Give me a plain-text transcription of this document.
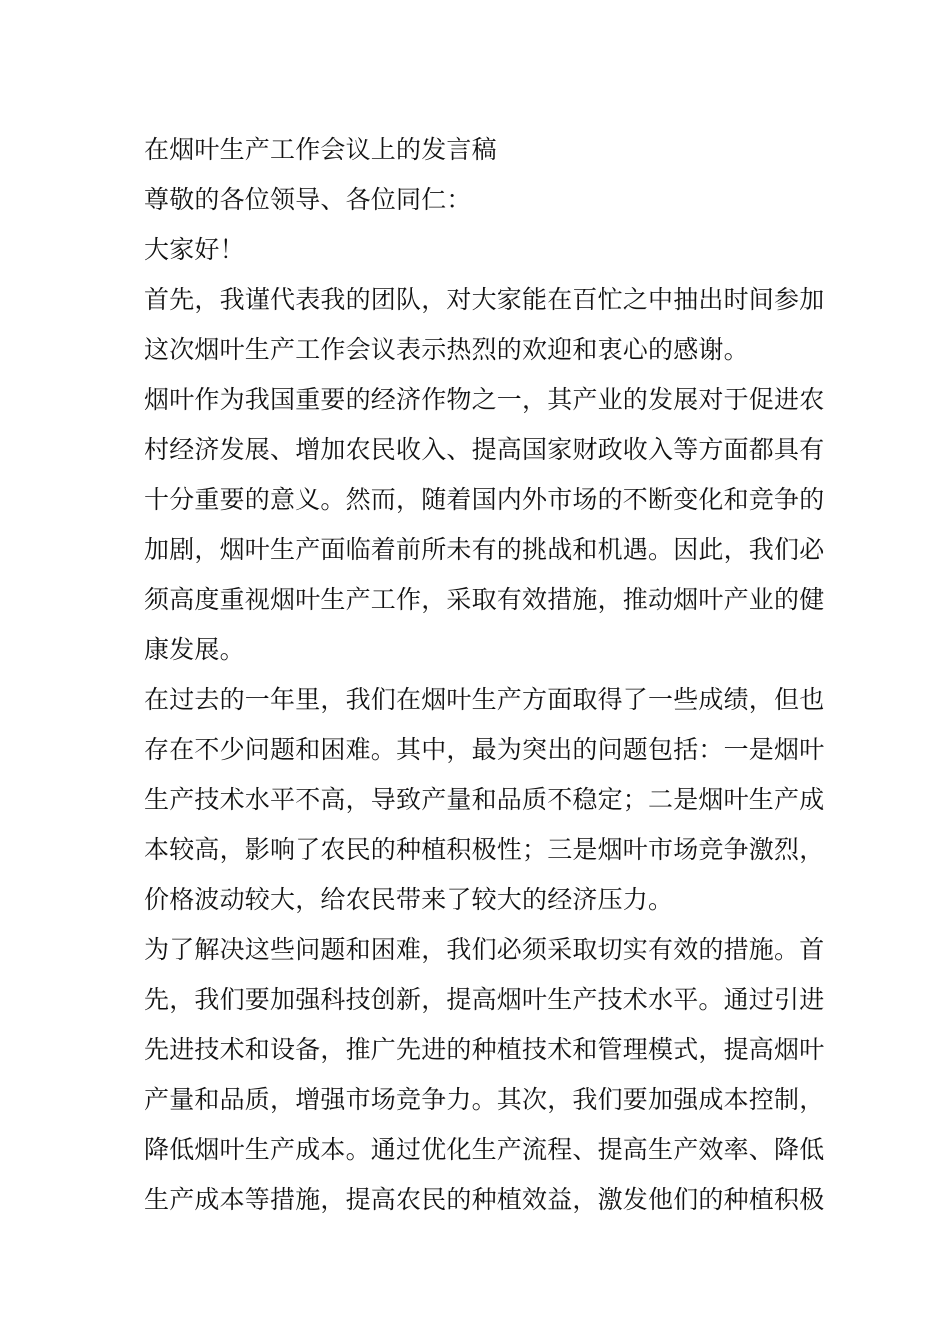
在烟叶生产工作会议上的发言稿

尊敬的各位领导、各位同仁：

大家好！

首先，我谨代表我的团队，对大家能在百忙之中抽出时间参加

这次烟叶生产工作会议表示热烈的欢迎和衷心的感谢。

烟叶作为我国重要的经济作物之一，其产业的发展对于促进农

村经济发展、增加农民收入、提高国家财政收入等方面都具有

十分重要的意义。然而，随着国内外市场的不断变化和竞争的

加剧，烟叶生产面临着前所未有的挑战和机遇。因此，我们必

须高度重视烟叶生产工作，采取有效措施，推动烟叶产业的健

康发展。

在过去的一年里，我们在烟叶生产方面取得了一些成绩，但也

存在不少问题和困难。其中，最为突出的问题包括：一是烟叶

生产技术水平不高，导致产量和品质不稳定；二是烟叶生产成

本较高，影响了农民的种植积极性；三是烟叶市场竞争激烈，

价格波动较大，给农民带来了较大的经济压力。

为了解决这些问题和困难，我们必须采取切实有效的措施。首

先，我们要加强科技创新，提高烟叶生产技术水平。通过引进

先进技术和设备，推广先进的种植技术和管理模式，提高烟叶

产量和品质，增强市场竞争力。其次，我们要加强成本控制，

降低烟叶生产成本。通过优化生产流程、提高生产效率、降低

生产成本等措施，提高农民的种植效益，激发他们的种植积极
